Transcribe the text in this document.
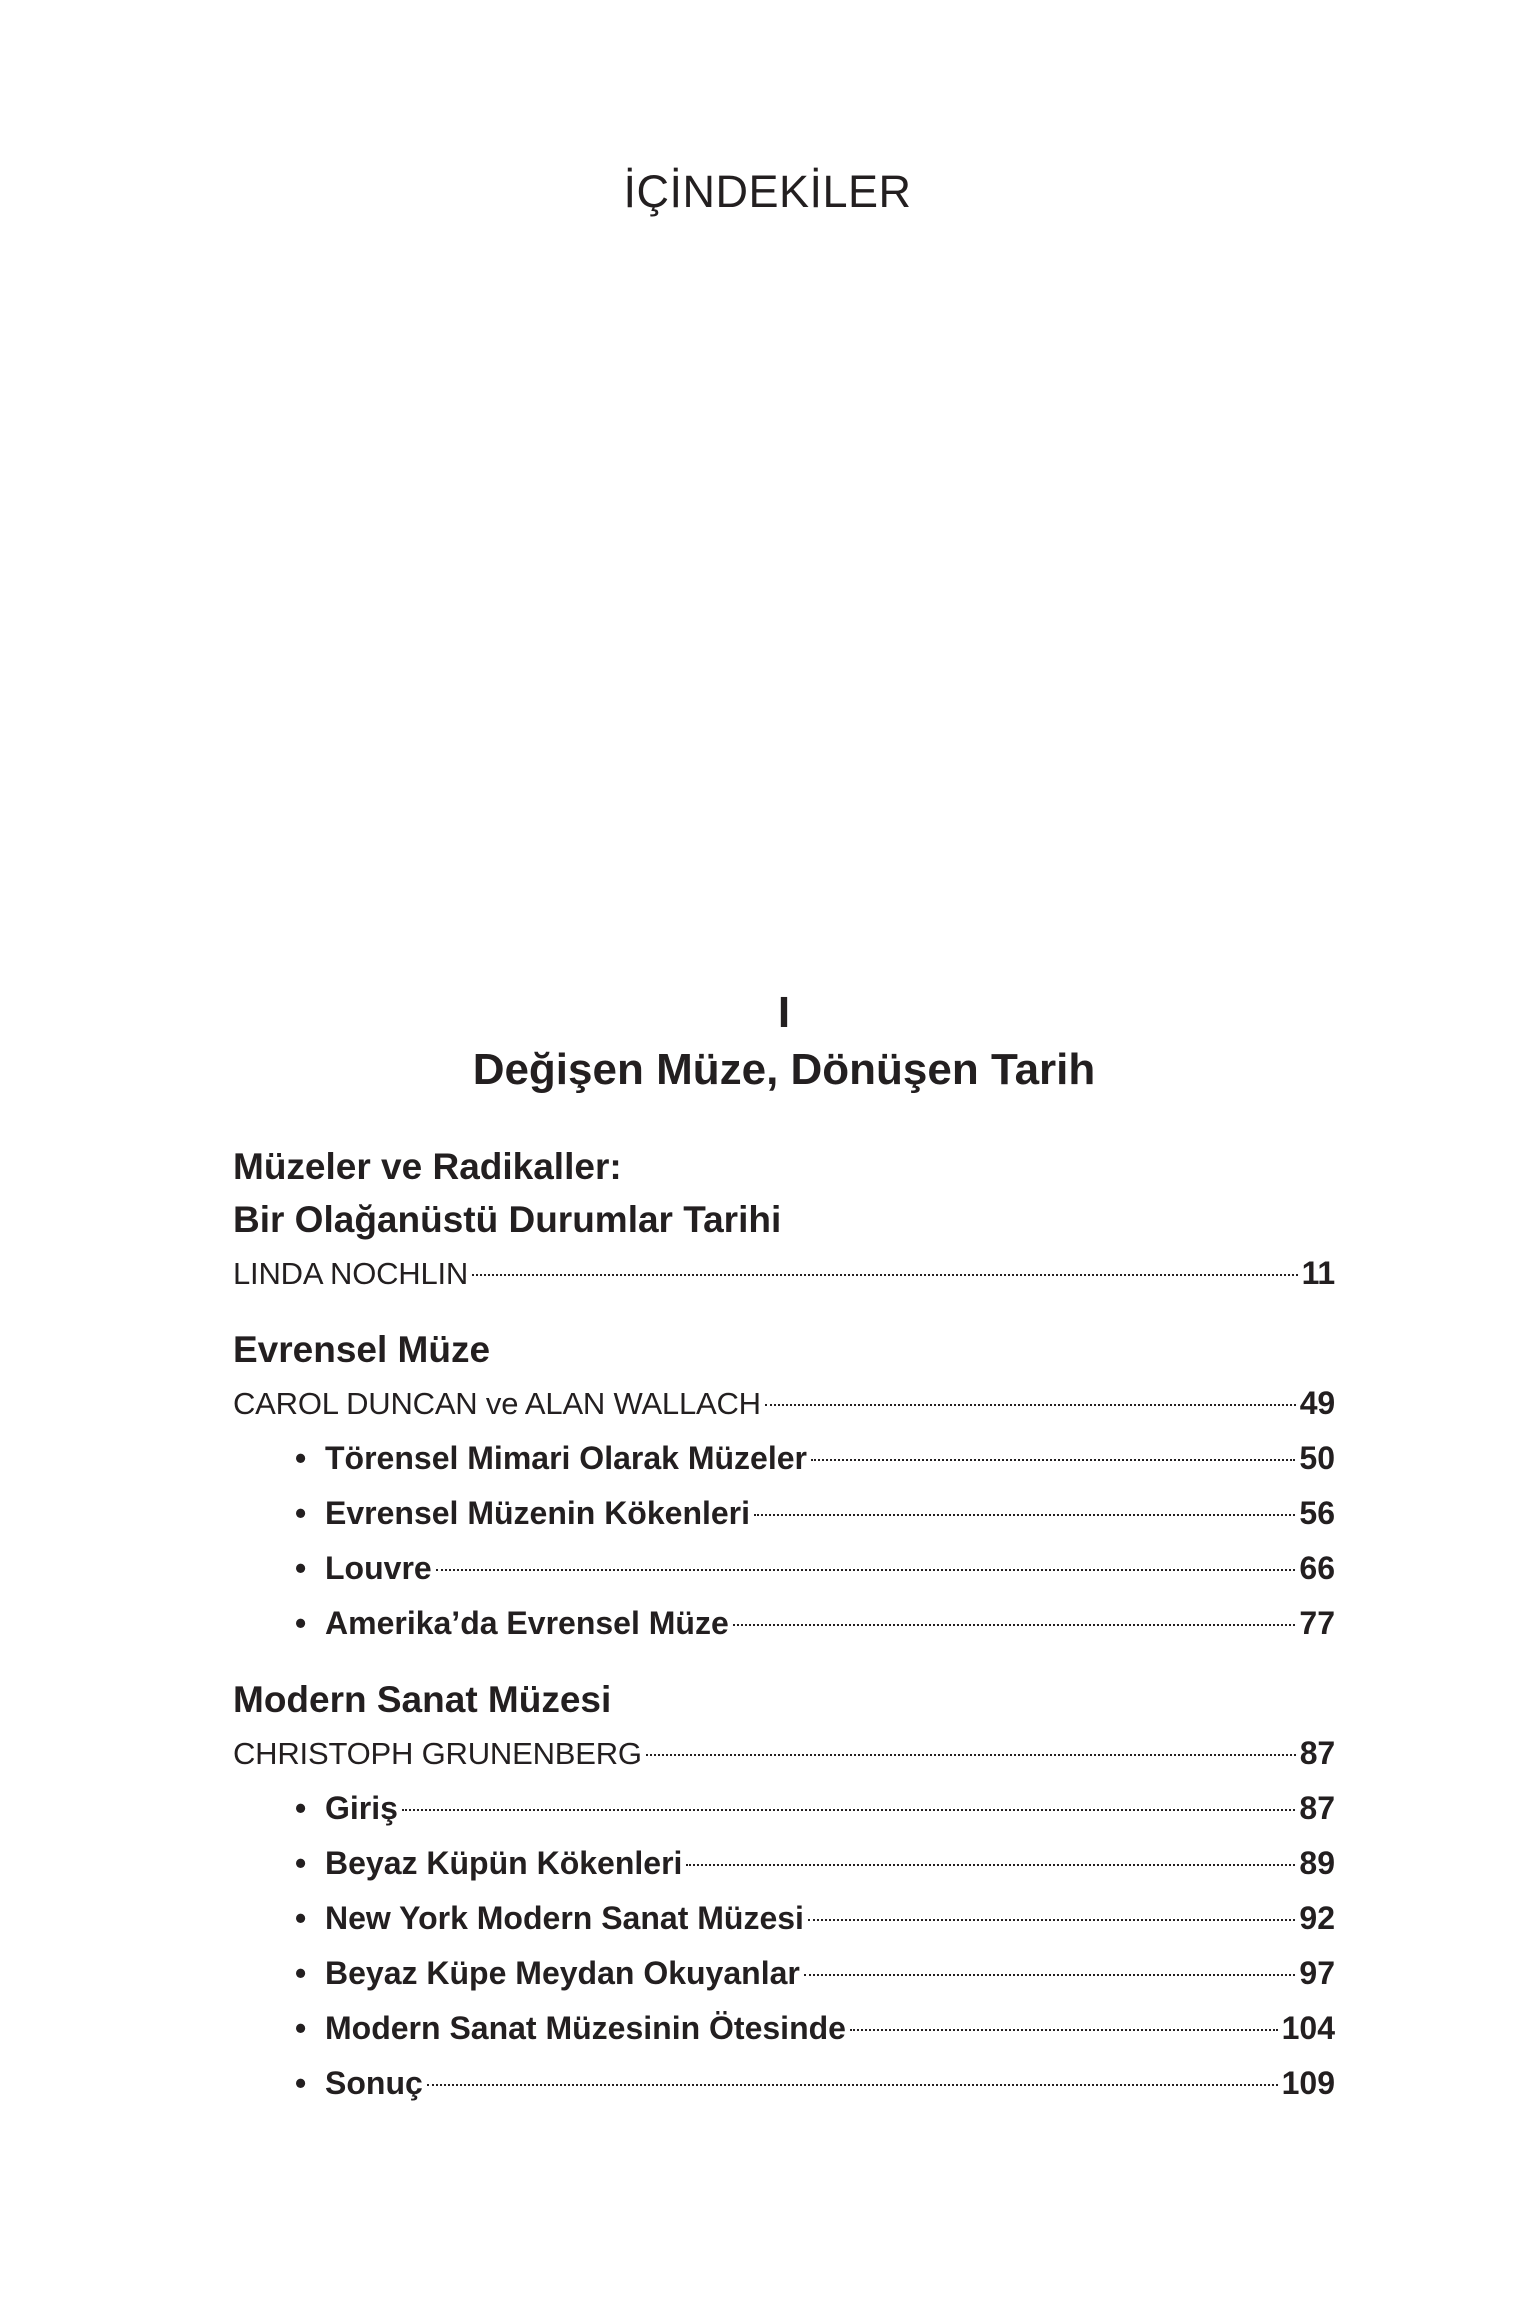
İÇİNDEKİLER
I
Değişen Müze, Dönüşen Tarih
Müzeler ve Radikaller:
Bir Olağanüstü Durumlar Tarihi
LINDA NOCHLIN	11
Evrensel Müze
CAROL DUNCAN ve ALAN WALLACH	49
• Törensel Mimari Olarak Müzeler	50
• Evrensel Müzenin Kökenleri	56
• Louvre	66
• Amerika’da Evrensel Müze	77
Modern Sanat Müzesi
CHRISTOPH GRUNENBERG	87
• Giriş	87
• Beyaz Küpün Kökenleri	89
• New York Modern Sanat Müzesi	92
• Beyaz Küpe Meydan Okuyanlar	97
• Modern Sanat Müzesinin Ötesinde	104
• Sonuç	109
